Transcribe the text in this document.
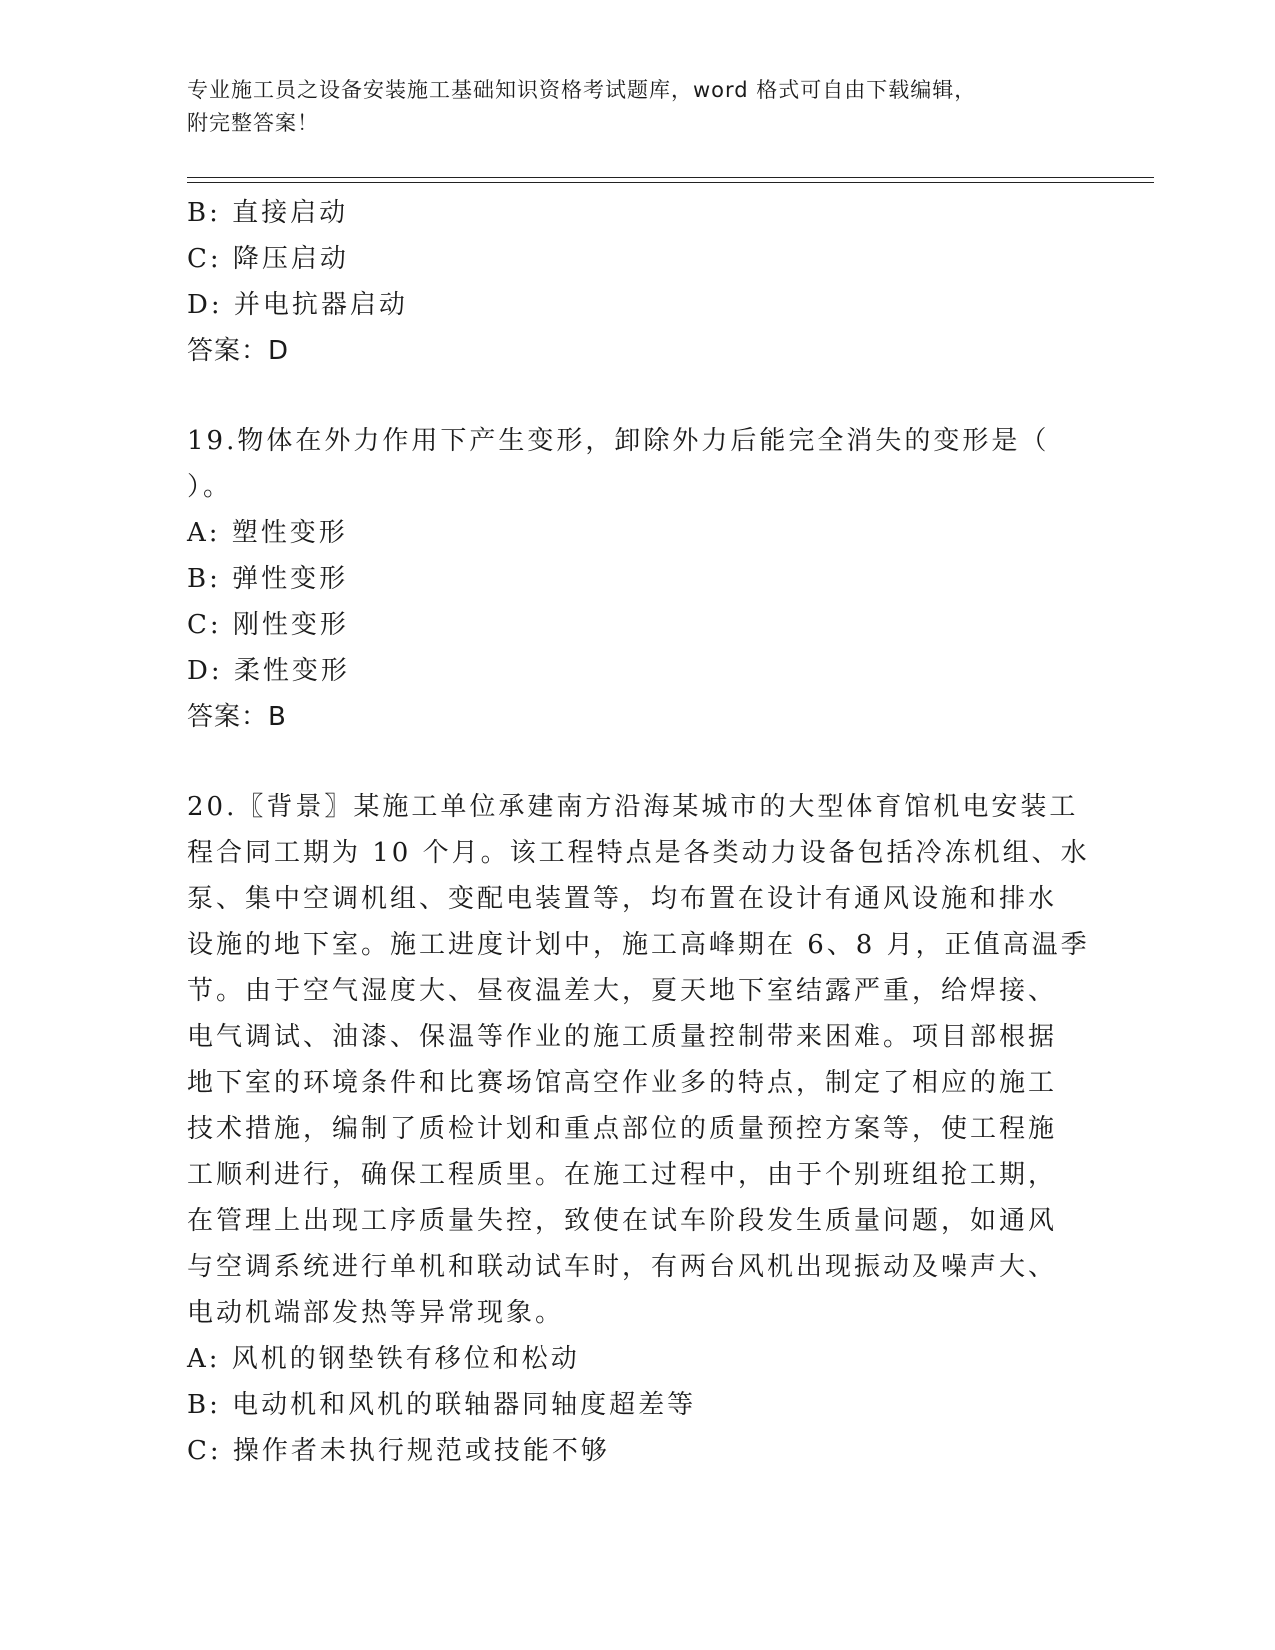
专业施工员之设备安装施工基础知识资格考试题库，word 格式可自由下载编辑，
附完整答案！
B: 直接启动
C: 降压启动
D: 并电抗器启动
答案：D
19.物体在外力作用下产生变形，卸除外力后能完全消失的变形是（
）。
A: 塑性变形
B: 弹性变形
C: 刚性变形
D: 柔性变形
答案：B
20.〖背景〗某施工单位承建南方沿海某城市的大型体育馆机电安装工
程合同工期为 10 个月。该工程特点是各类动力设备包括冷冻机组、水
泵、集中空调机组、变配电装置等，均布置在设计有通风设施和排水
设施的地下室。施工进度计划中，施工高峰期在 6、8 月，正值高温季
节。由于空气湿度大、昼夜温差大，夏天地下室结露严重，给焊接、
电气调试、油漆、保温等作业的施工质量控制带来困难。项目部根据
地下室的环境条件和比赛场馆高空作业多的特点，制定了相应的施工
技术措施，编制了质检计划和重点部位的质量预控方案等，使工程施
工顺利进行，确保工程质里。在施工过程中，由于个别班组抢工期，
在管理上出现工序质量失控，致使在试车阶段发生质量问题，如通风
与空调系统进行单机和联动试车时，有两台风机出现振动及噪声大、
电动机端部发热等异常现象。
A: 风机的钢垫铁有移位和松动
B: 电动机和风机的联轴器同轴度超差等
C: 操作者未执行规范或技能不够
